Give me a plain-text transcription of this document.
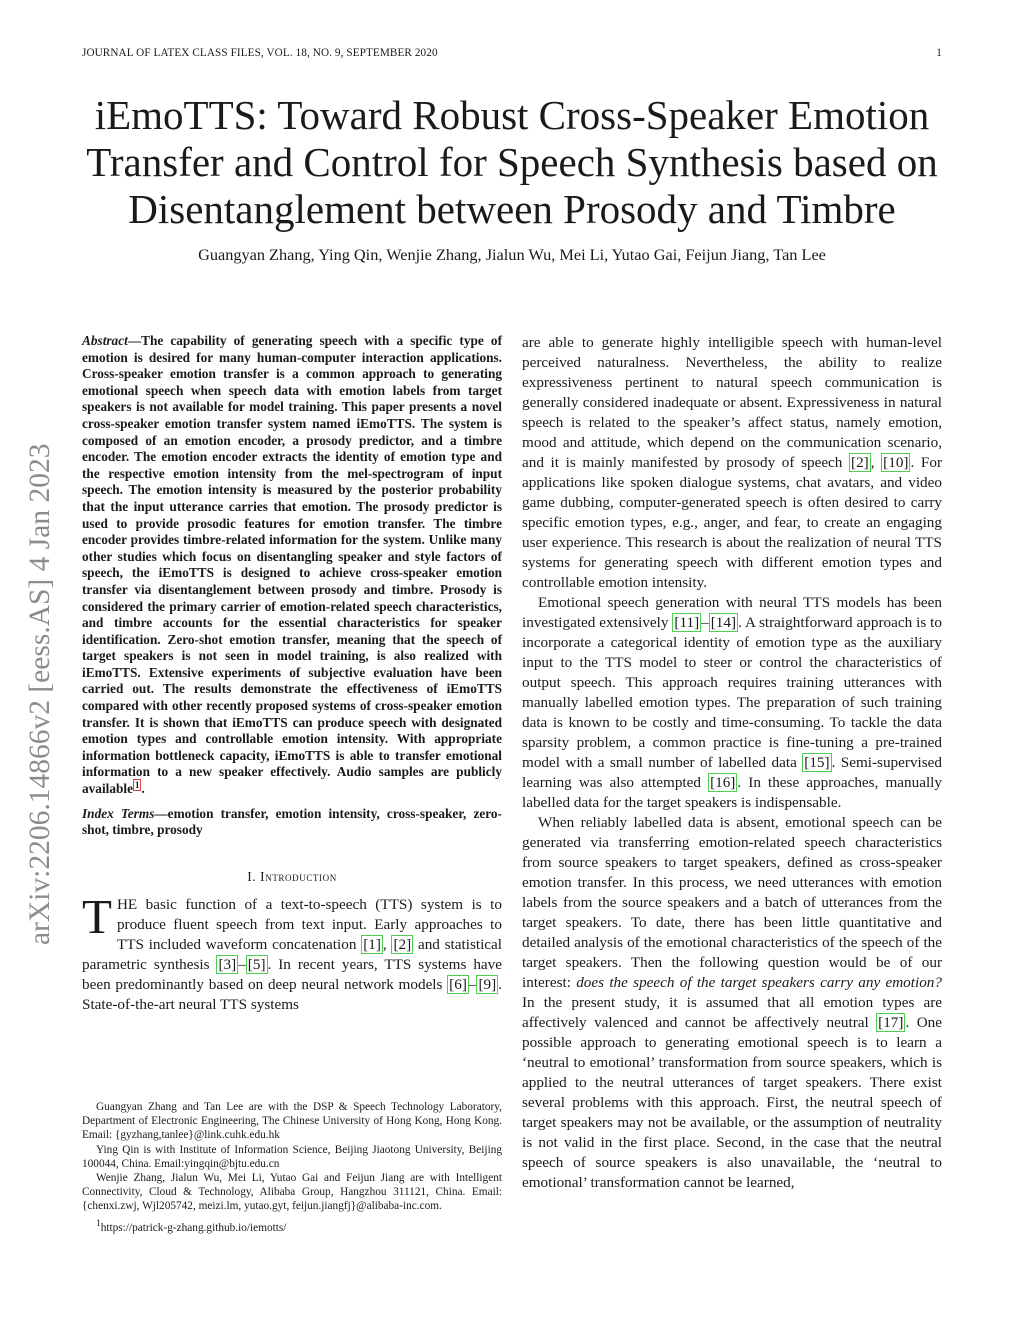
JOURNAL OF LATEX CLASS FILES, VOL. 18, NO. 9, SEPTEMBER 2020	1
iEmoTTS: Toward Robust Cross-Speaker Emotion
Transfer and Control for Speech Synthesis based on
Disentanglement between Prosody and Timbre
Guangyan Zhang, Ying Qin, Wenjie Zhang, Jialun Wu, Mei Li, Yutao Gai, Feijun Jiang, Tan Lee
arXiv:2206.14866v2 [eess.AS] 4 Jan 2023

Abstract—The capability of generating speech with a specific type of emotion is desired for many human-computer interaction applications. Cross-speaker emotion transfer is a common approach to generating emotional speech when speech data with emotion labels from target speakers is not available for model training. This paper presents a novel cross-speaker emotion transfer system named iEmoTTS. The system is composed of an emotion encoder, a prosody predictor, and a timbre encoder. The emotion encoder extracts the identity of emotion type and the respective emotion intensity from the mel-spectrogram of input speech. The emotion intensity is measured by the posterior probability that the input utterance carries that emotion. The prosody predictor is used to provide prosodic features for emotion transfer. The timbre encoder provides timbre-related information for the system. Unlike many other studies which focus on disentangling speaker and style factors of speech, the iEmoTTS is designed to achieve cross-speaker emotion transfer via disentanglement between prosody and timbre. Prosody is considered the primary carrier of emotion-related speech characteristics, and timbre accounts for the essential characteristics for speaker identification. Zero-shot emotion transfer, meaning that the speech of target speakers is not seen in model training, is also realized with iEmoTTS. Extensive experiments of subjective evaluation have been carried out. The results demonstrate the effectiveness of iEmoTTS compared with other recently proposed systems of cross-speaker emotion transfer. It is shown that iEmoTTS can produce speech with designated emotion types and controllable emotion intensity. With appropriate information bottleneck capacity, iEmoTTS is able to transfer emotional information to a new speaker effectively. Audio samples are publicly available $^1$ .

Index Terms—emotion transfer, emotion intensity, cross-speaker, zero-shot, timbre, prosody

I. Introduction

THE basic function of a text-to-speech (TTS) system is to produce fluent speech from text input. Early approaches to TTS included waveform concatenation [1] , [2] and statistical parametric synthesis [3] – [5] . In recent years, TTS systems have been predominantly based on deep neural network models [6] – [9] . State-of-the-art neural TTS systems

Guangyan Zhang and Tan Lee are with the DSP & Speech Technology Laboratory, Department of Electronic Engineering, The Chinese University of Hong Kong, Hong Kong. Email: {gyzhang,tanlee}@link.cuhk.edu.hk

Ying Qin is with Institute of Information Science, Beijing Jiaotong University, Beijing 100044, China. Email:yingqin@bjtu.edu.cn

Wenjie Zhang, Jialun Wu, Mei Li, Yutao Gai and Feijun Jiang are with Intelligent Connectivity, Cloud & Technology, Alibaba Group, Hangzhou 311121, China. Email: {chenxi.zwj, Wjl205742, meizi.lm, yutao.gyt, feijun.jiangfj}@alibaba-inc.com.

$^1$https://patrick-g-zhang.github.io/iemotts/

are able to generate highly intelligible speech with human-level perceived naturalness. Nevertheless, the ability to realize expressiveness pertinent to natural speech communication is generally considered inadequate or absent. Expressiveness in natural speech is related to the speaker’s affect status, namely emotion, mood and attitude, which depend on the communication scenario, and it is mainly manifested by prosody of speech [2] , [10] . For applications like spoken dialogue systems, chat avatars, and video game dubbing, computer-generated speech is often desired to carry specific emotion types, e.g., anger, and fear, to create an engaging user experience. This research is about the realization of neural TTS systems for generating speech with different emotion types and controllable emotion intensity.

Emotional speech generation with neural TTS models has been investigated extensively [11] – [14] . A straightforward approach is to incorporate a categorical identity of emotion type as the auxiliary input to the TTS model to steer or control the characteristics of output speech. This approach requires training utterances with manually labelled emotion types. The preparation of such training data is known to be costly and time-consuming. To tackle the data sparsity problem, a common practice is fine-tuning a pre-trained model with a small number of labelled data [15] . Semi-supervised learning was also attempted [16] . In these approaches, manually labelled data for the target speakers is indispensable.

When reliably labelled data is absent, emotional speech can be generated via transferring emotion-related speech characteristics from source speakers to target speakers, defined as cross-speaker emotion transfer. In this process, we need utterances with emotion labels from the source speakers and a batch of utterances from the target speakers. To date, there has been little quantitative and detailed analysis of the emotional characteristics of the speech of the target speakers. Then the following question would be of our interest: does the speech of the target speakers carry any emotion? In the present study, it is assumed that all emotion types are affectively valenced and cannot be affectively neutral [17] . One possible approach to generating emotional speech is to learn a ‘neutral to emotional’ transformation from source speakers, which is applied to the neutral utterances of target speakers. There exist several problems with this approach. First, the neutral speech of target speakers may not be available, or the assumption of neutrality is not valid in the first place. Second, in the case that the neutral speech of source speakers is also unavailable, the ‘neutral to emotional’ transformation cannot be learned,
